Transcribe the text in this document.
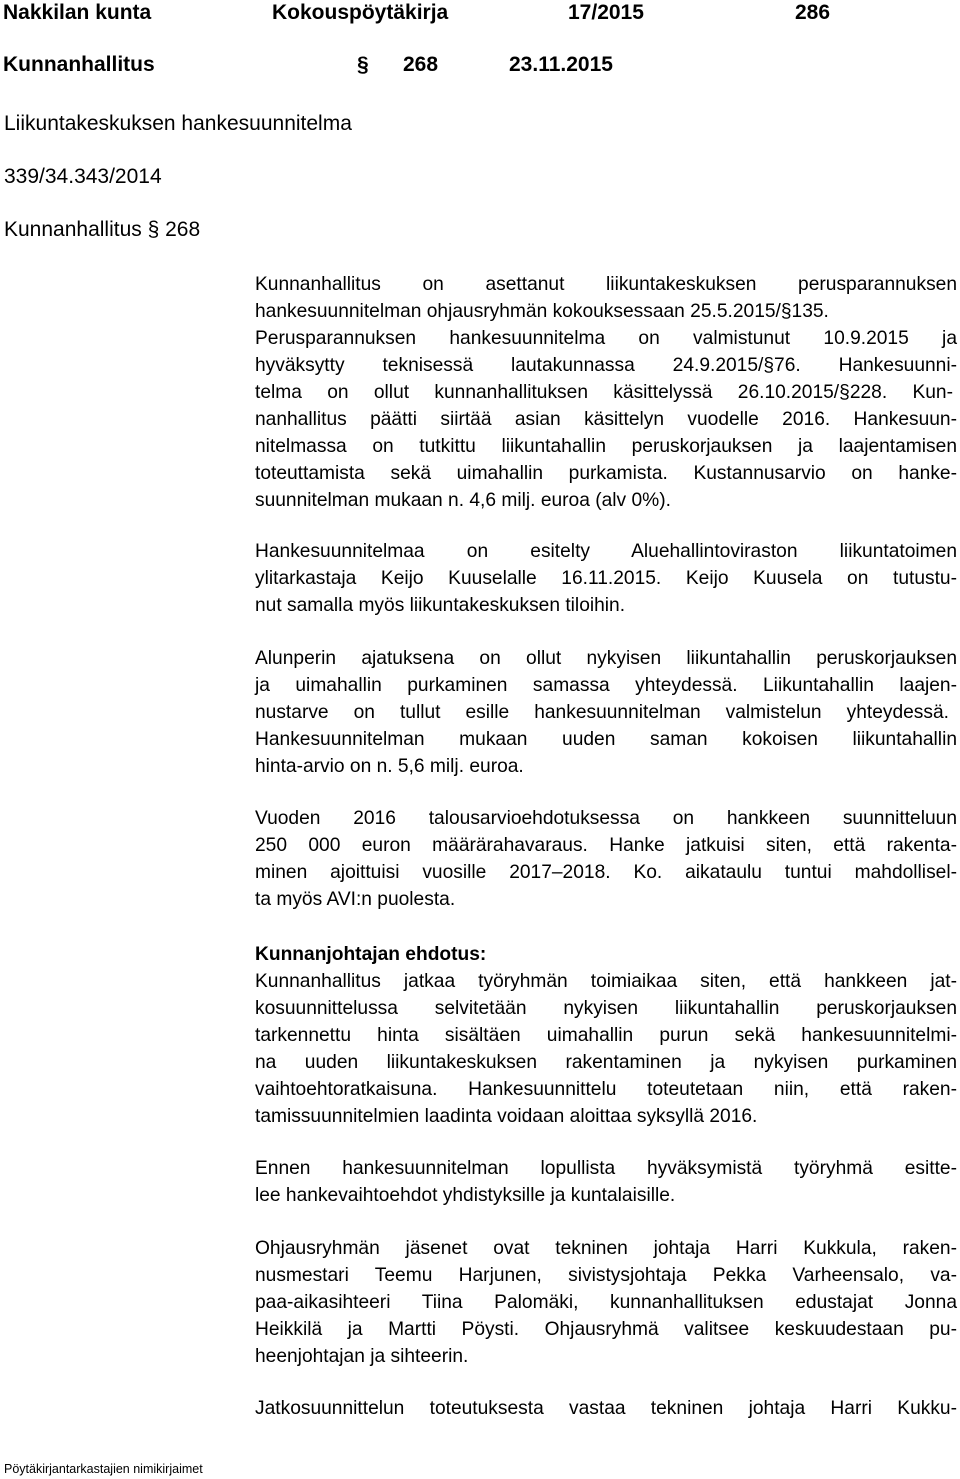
Nakkilan kunta	Kokouspöytäkirja	17/2015	286
Kunnanhallitus	§ 268	23.11.2015
Liikuntakeskuksen hankesuunnitelma
339/34.343/2014
Kunnanhallitus § 268
Kunnanhallitus on asettanut liikuntakeskuksen perusparannuksen
hankesuunnitelman ohjausryhmän kokouksessaan 25.5.2015/§135.
Perusparannuksen hankesuunnitelma on valmistunut 10.9.2015 ja
hyväksytty teknisessä lautakunnassa 24.9.2015/§76. Hankesuunni-
telma on ollut kunnanhallituksen käsittelyssä 26.10.2015/§228. Kun-
nanhallitus päätti siirtää asian käsittelyn vuodelle 2016. Hankesuun-
nitelmassa on tutkittu liikuntahallin peruskorjauksen ja laajentamisen
toteuttamista sekä uimahallin purkamista. Kustannusarvio on hanke-
suunnitelman mukaan n. 4,6 milj. euroa (alv 0%).
Hankesuunnitelmaa on esitelty Aluehallintoviraston liikuntatoimen
ylitarkastaja Keijo Kuuselalle 16.11.2015. Keijo Kuusela on tutustu-
nut samalla myös liikuntakeskuksen tiloihin.
Alunperin ajatuksena on ollut nykyisen liikuntahallin peruskorjauksen
ja uimahallin purkaminen samassa yhteydessä. Liikuntahallin laajen-
nustarve on tullut esille hankesuunnitelman valmistelun yhteydessä.
Hankesuunnitelman mukaan uuden saman kokoisen liikuntahallin
hinta-arvio on n. 5,6 milj. euroa.
Vuoden 2016 talousarvioehdotuksessa on hankkeen suunnitteluun
250 000 euron määrärahavaraus. Hanke jatkuisi siten, että rakenta-
minen ajoittuisi vuosille 2017‒2018. Ko. aikataulu tuntui mahdollisel-
ta myös AVI:n puolesta.
Kunnanjohtajan ehdotus:
Kunnanhallitus jatkaa työryhmän toimiaikaa siten, että hankkeen jat-
kosuunnittelussa selvitetään nykyisen liikuntahallin peruskorjauksen
tarkennettu hinta sisältäen uimahallin purun sekä hankesuunnitelmi-
na uuden liikuntakeskuksen rakentaminen ja nykyisen purkaminen
vaihtoehtoratkaisuna. Hankesuunnittelu toteutetaan niin, että raken-
tamissuunnitelmien laadinta voidaan aloittaa syksyllä 2016.
Ennen hankesuunnitelman lopullista hyväksymistä työryhmä esitte-
lee hankevaihtoehdot yhdistyksille ja kuntalaisille.
Ohjausryhmän jäsenet ovat tekninen johtaja Harri Kukkula, raken-
nusmestari Teemu Harjunen, sivistysjohtaja Pekka Varheensalo, va-
paa-aikasihteeri Tiina Palomäki, kunnanhallituksen edustajat Jonna
Heikkilä ja Martti Pöysti. Ohjausryhmä valitsee keskuudestaan pu-
heenjohtajan ja sihteerin.
Jatkosuunnittelun toteutuksesta vastaa tekninen johtaja Harri Kukku-
Pöytäkirjantarkastajien nimikirjaimet
